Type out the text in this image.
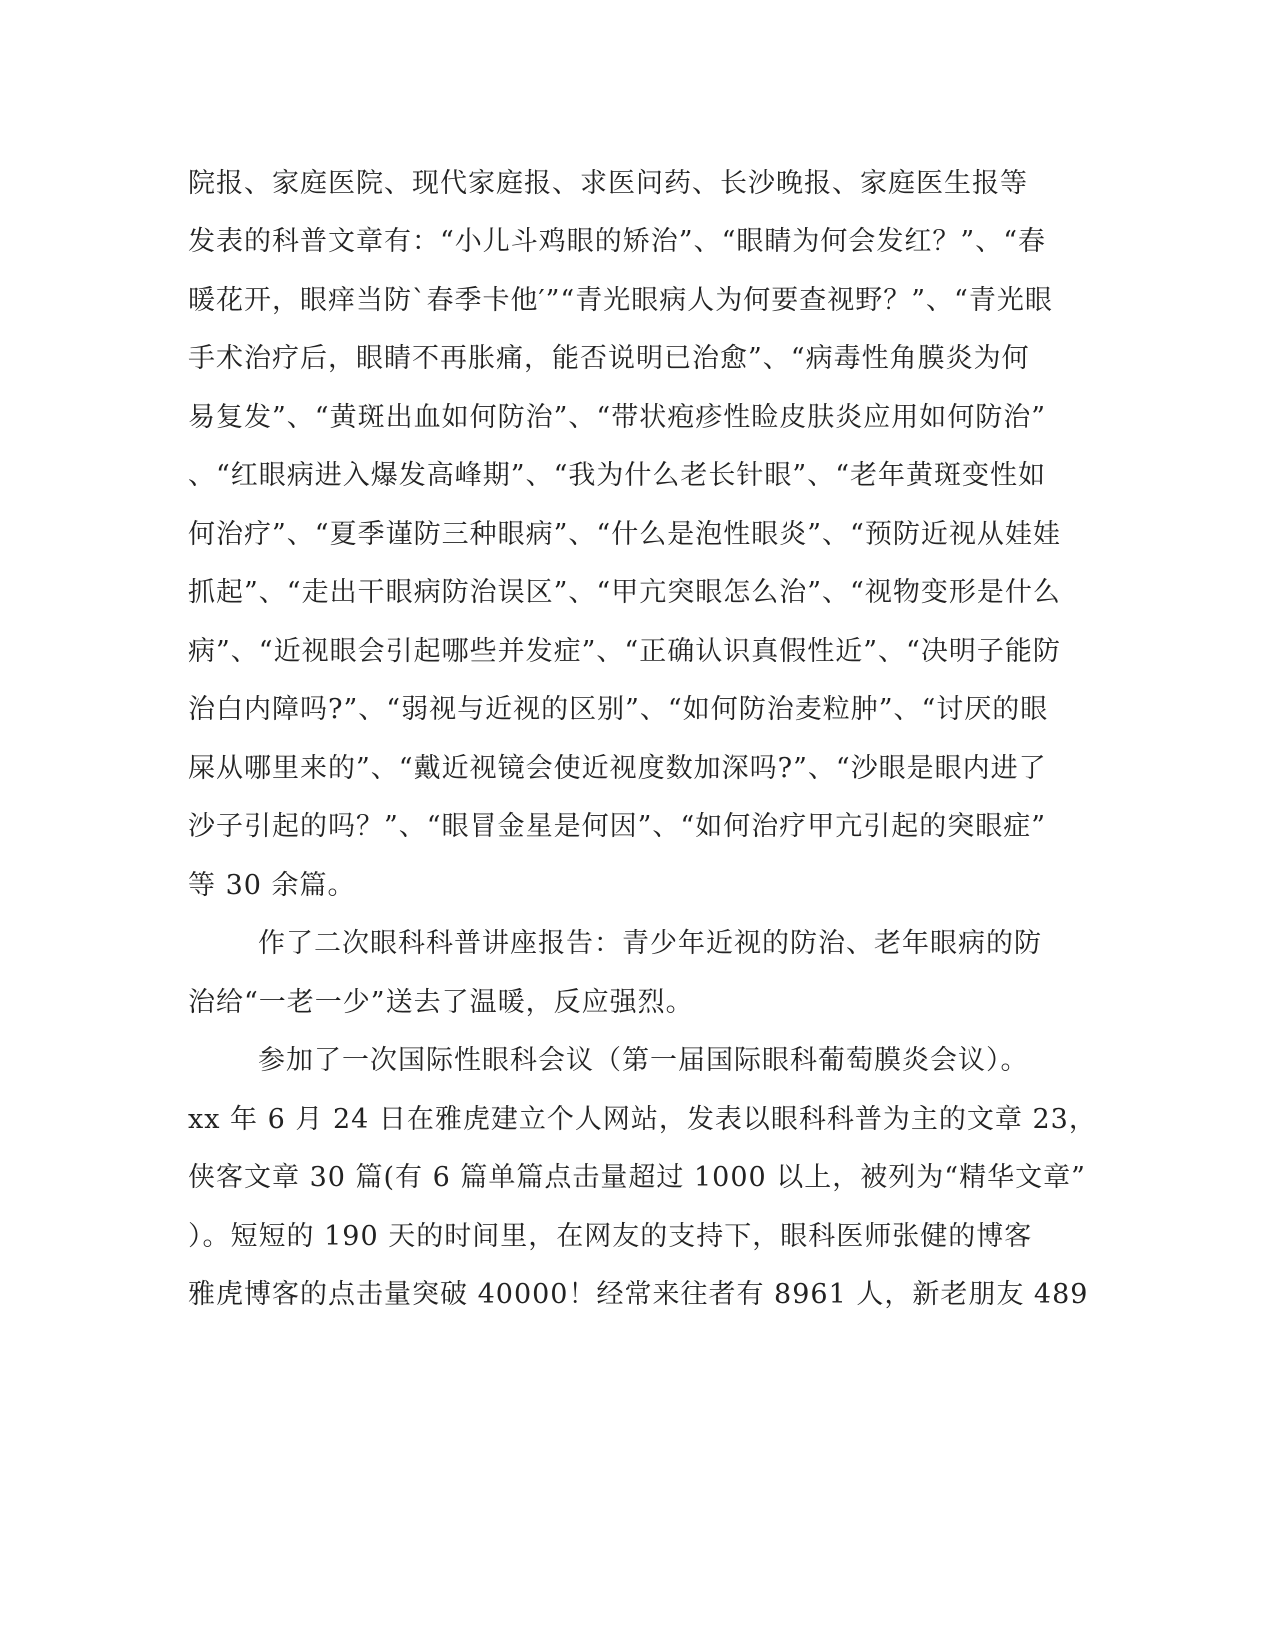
院报、家庭医院、现代家庭报、求医问药、长沙晚报、家庭医生报等
发表的科普文章有：“小儿斗鸡眼的矫治”、“眼睛为何会发红？”、“春
暖花开，眼痒当防`春季卡他′”“青光眼病人为何要查视野？”、“青光眼
手术治疗后，眼睛不再胀痛，能否说明已治愈”、“病毒性角膜炎为何
易复发”、“黄斑出血如何防治”、“带状疱疹性睑皮肤炎应用如何防治”
、“红眼病进入爆发高峰期”、“我为什么老长针眼”、“老年黄斑变性如
何治疗”、“夏季谨防三种眼病”、“什么是泡性眼炎”、“预防近视从娃娃
抓起”、“走出干眼病防治误区”、“甲亢突眼怎么治”、“视物变形是什么
病”、“近视眼会引起哪些并发症”、“正确认识真假性近”、“决明子能防
治白内障吗?”、“弱视与近视的区别”、“如何防治麦粒肿”、“讨厌的眼
屎从哪里来的”、“戴近视镜会使近视度数加深吗?”、“沙眼是眼内进了
沙子引起的吗？”、“眼冒金星是何因”、“如何治疗甲亢引起的突眼症”
等 30 余篇。
作了二次眼科科普讲座报告：青少年近视的防治、老年眼病的防
治给“一老一少”送去了温暖，反应强烈。
参加了一次国际性眼科会议（第一届国际眼科葡萄膜炎会议）。
xx 年 6 月 24 日在雅虎建立个人网站，发表以眼科科普为主的文章 23，
侠客文章 30 篇(有 6 篇单篇点击量超过 1000 以上，被列为“精华文章”
）。短短的 190 天的时间里，在网友的支持下，眼科医师张健的博客
雅虎博客的点击量突破 40000！经常来往者有 8961 人，新老朋友 489
